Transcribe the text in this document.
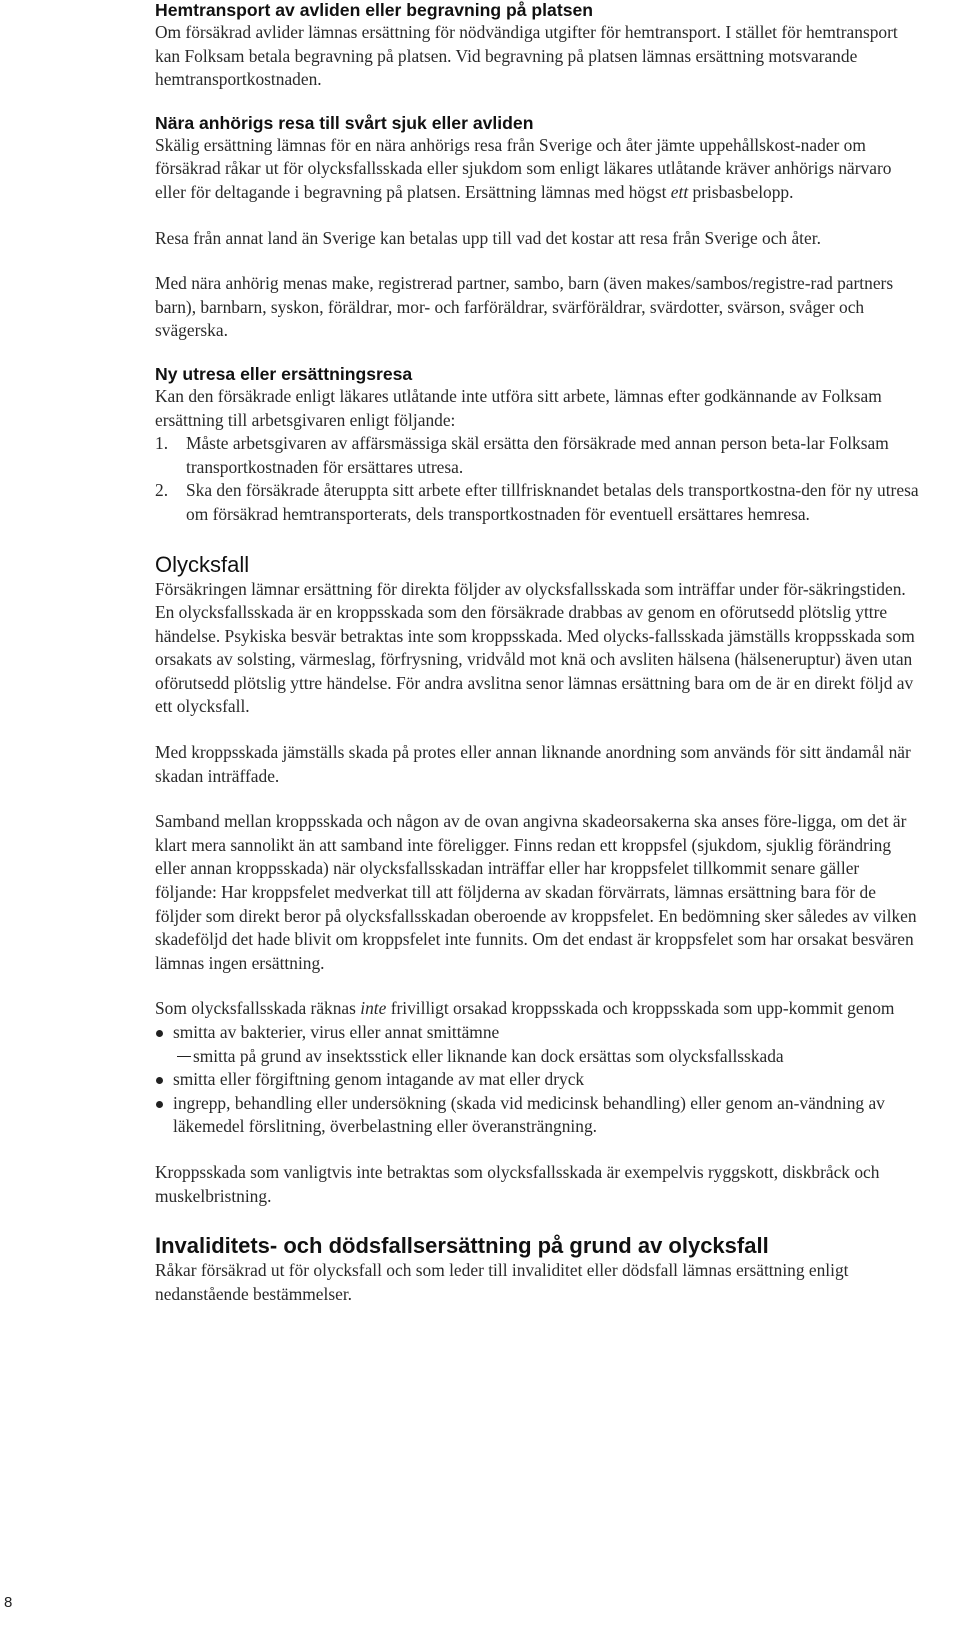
Hemtransport av avliden eller begravning på platsen

Om försäkrad avlider lämnas ersättning för nödvändiga utgifter för hemtransport. I stället för hemtransport kan Folksam betala begravning på platsen. Vid begravning på platsen lämnas ersättning motsvarande hemtransportkostnaden.

Nära anhörigs resa till svårt sjuk eller avliden

Skälig ersättning lämnas för en nära anhörigs resa från Sverige och åter jämte uppehållskost-nader om försäkrad råkar ut för olycksfallsskada eller sjukdom som enligt läkares utlåtande kräver anhörigs närvaro eller för deltagande i begravning på platsen. Ersättning lämnas med högst ett prisbasbelopp.

Resa från annat land än Sverige kan betalas upp till vad det kostar att resa från Sverige och åter.

Med nära anhörig menas make, registrerad partner, sambo, barn (även makes/sambos/registre-rad partners barn), barnbarn, syskon, föräldrar, mor- och farföräldrar, svärföräldrar, svärdotter, svärson, svåger och svägerska.

Ny utresa eller ersättningsresa

Kan den försäkrade enligt läkares utlåtande inte utföra sitt arbete, lämnas efter godkännande av Folksam ersättning till arbetsgivaren enligt följande:

1.	Måste arbetsgivaren av affärsmässiga skäl ersätta den försäkrade med annan person beta-lar Folksam transportkostnaden för ersättares utresa.
2.	Ska den försäkrade återuppta sitt arbete efter tillfrisknandet betalas dels transportkostna-den för ny utresa om försäkrad hemtransporterats, dels transportkostnaden för eventuell ersättares hemresa.
Olycksfall

Försäkringen lämnar ersättning för direkta följder av olycksfallsskada som inträffar under för-säkringstiden. En olycksfallsskada är en kroppsskada som den försäkrade drabbas av genom en oförutsedd plötslig yttre händelse. Psykiska besvär betraktas inte som kroppsskada. Med olycks-fallsskada jämställs kroppsskada som orsakats av solsting, värmeslag, förfrysning, vridvåld mot knä och avsliten hälsena (hälseneruptur) även utan oförutsedd plötslig yttre händelse. För andra avslitna senor lämnas ersättning bara om de är en direkt följd av ett olycksfall.

Med kroppsskada jämställs skada på protes eller annan liknande anordning som används för sitt ändamål när skadan inträffade.

Samband mellan kroppsskada och någon av de ovan angivna skadeorsakerna ska anses före-ligga, om det är klart mera sannolikt än att samband inte föreligger. Finns redan ett kroppsfel (sjukdom, sjuklig förändring eller annan kroppsskada) när olycksfallsskadan inträffar eller har kroppsfelet tillkommit senare gäller följande: Har kroppsfelet medverkat till att följderna av skadan förvärrats, lämnas ersättning bara för de följder som direkt beror på olycksfallsskadan oberoende av kroppsfelet. En bedömning sker således av vilken skadeföljd det hade blivit om kroppsfelet inte funnits. Om det endast är kroppsfelet som har orsakat besvären lämnas ingen ersättning.

Som olycksfallsskada räknas inte frivilligt orsakad kroppsskada och kroppsskada som upp-kommit genom

smitta av bakterier, virus eller annat smittämne
smitta på grund av insektsstick eller liknande kan dock ersättas som olycksfallsskada
smitta eller förgiftning genom intagande av mat eller dryck
ingrepp, behandling eller undersökning (skada vid medicinsk behandling) eller genom an-vändning av läkemedel förslitning, överbelastning eller överansträngning.

Kroppsskada som vanligtvis inte betraktas som olycksfallsskada är exempelvis ryggskott, diskbråck och muskelbristning.

Invaliditets- och dödsfallsersättning på grund av olycksfall

Råkar försäkrad ut för olycksfall och som leder till invaliditet eller dödsfall lämnas ersättning enligt nedanstående bestämmelser.

8
